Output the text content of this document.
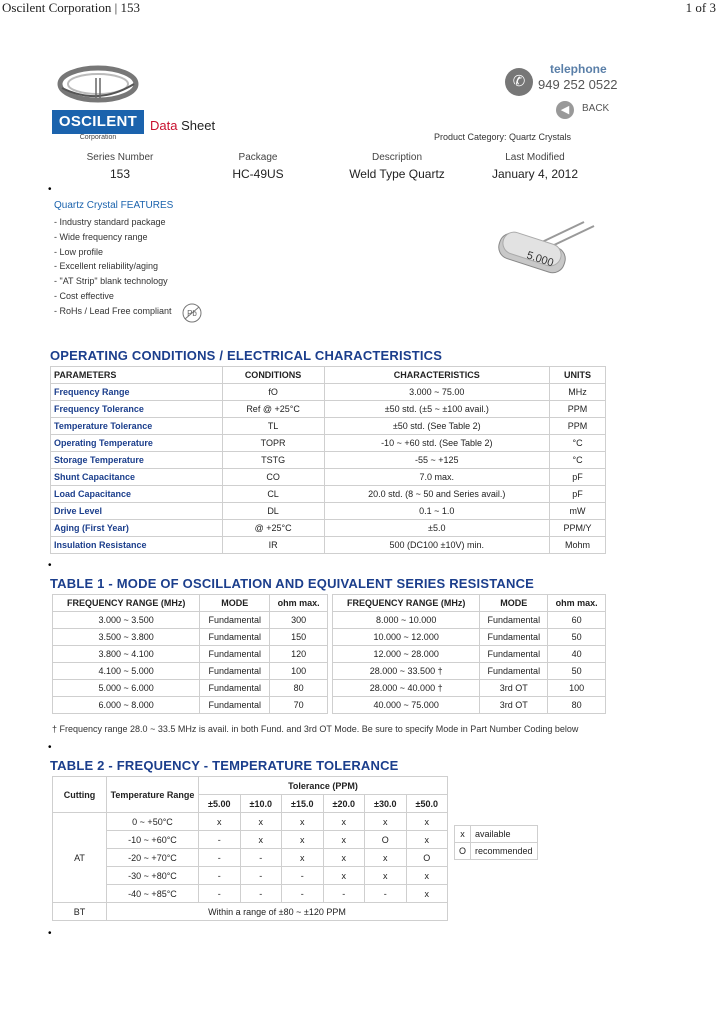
Oscilent Corporation | 153	1 of 3
OSCILENT
Corporation
Data Sheet
✆
telephone
949 252 0522
◀	BACK
Product Category: Quartz Crystals
Series Number
153
Package
HC-49US
Description
Weld Type Quartz
Last Modified
January 4, 2012
•
Quartz Crystal FEATURES
- Industry standard package
- Wide frequency range
- Low profile
- Excellent reliability/aging
- "AT Strip" blank technology
- Cost effective
- RoHs / Lead Free compliant Pb
5.000
OPERATING CONDITIONS / ELECTRICAL CHARACTERISTICS
PARAMETERS	CONDITIONS	CHARACTERISTICS	UNITS
Frequency Range	fO	3.000 ~ 75.00	MHz
Frequency Tolerance	Ref @ +25°C	±50 std. (±5 ~ ±100 avail.)	PPM
Temperature Tolerance	TL	±50 std. (See Table 2)	PPM
Operating Temperature	TOPR	-10 ~ +60 std. (See Table 2)	°C
Storage Temperature	TSTG	-55 ~ +125	°C
Shunt Capacitance	CO	7.0 max.	pF
Load Capacitance	CL	20.0 std. (8 ~ 50 and Series avail.)	pF
Drive Level	DL	0.1 ~ 1.0	mW
Aging (First Year)	@ +25°C	±5.0	PPM/Y
Insulation Resistance	IR	500 (DC100 ±10V) min.	Mohm
•
TABLE 1 - MODE OF OSCILLATION AND EQUIVALENT SERIES RESISTANCE
FREQUENCY RANGE (MHz)	MODE	ohm max.
3.000 ~ 3.500	Fundamental	300
3.500 ~ 3.800	Fundamental	150
3.800 ~ 4.100	Fundamental	120
4.100 ~ 5.000	Fundamental	100
5.000 ~ 6.000	Fundamental	80
6.000 ~ 8.000	Fundamental	70
FREQUENCY RANGE (MHz)	MODE	ohm max.
8.000 ~ 10.000	Fundamental	60
10.000 ~ 12.000	Fundamental	50
12.000 ~ 28.000	Fundamental	40
28.000 ~ 33.500 †	Fundamental	50
28.000 ~ 40.000 †	3rd OT	100
40.000 ~ 75.000	3rd OT	80
† Frequency range 28.0 ~ 33.5 MHz is avail. in both Fund. and 3rd OT Mode. Be sure to specify Mode in Part Number Coding below
•
TABLE 2 - FREQUENCY - TEMPERATURE TOLERANCE
Cutting	Temperature Range	Tolerance (PPM)					
		±5.00	±10.0	±15.0	±20.0	±30.0	±50.0
AT	0 ~ +50°C	x	x	x	x	x	x
	-10 ~ +60°C	-	x	x	x	O	x
	-20 ~ +70°C	-	-	x	x	x	O
	-30 ~ +80°C	-	-	-	x	x	x
	-40 ~ +85°C	-	-	-	-	-	x
BT	Within a range of ±80 ~ ±120 PPM						
x	available
O	recommended
•
